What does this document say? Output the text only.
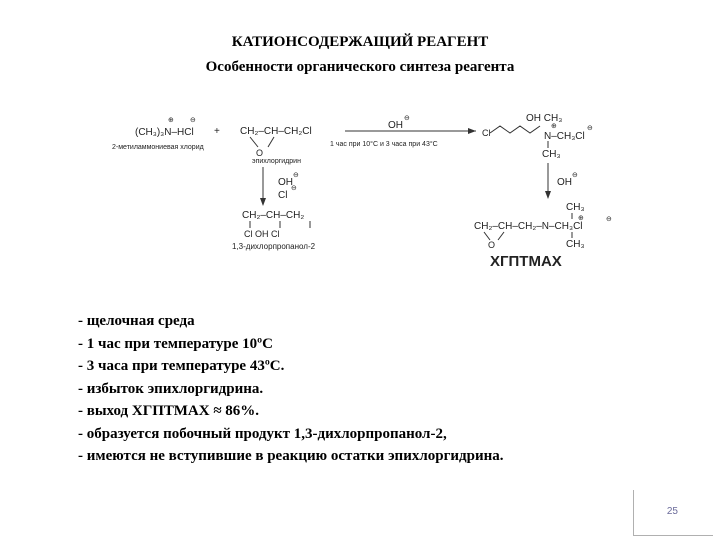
КАТИОНСОДЕРЖАЩИЙ РЕАГЕНТ
Особенности органического синтеза реагента
(CH₃)₃N–HCl
⊕ ⊖
2-метиламмониевая хлорид
+ CH₂–CH–CH₂Cl
O
эпихлоргидрин
OH
⊖
1 час при 10°С и 3 часа при 43°С
OH CH₃
Cl	N–CH₃Cl
⊕	⊖
CH₃
OH
⊖
Cl
⊖
CH₂–CH–CH₂
Cl OH Cl
1,3-дихлорпропанол-2
OH
⊖
CH₃
CH₂–CH–CH₂–N–CH₃Cl
⊕	⊖
O	CH₃
ХГПТМАХ
- щелочная среда
- 1 час при температуре 10ºС
- 3 часа при температуре 43ºС.
- избыток эпихлоргидрина.
- выход ХГПТМАХ ≈ 86%.
- образуется побочный продукт 1,3-дихлорпропанол-2,
- имеются не вступившие в реакцию остатки эпихлоргидрина.
25
